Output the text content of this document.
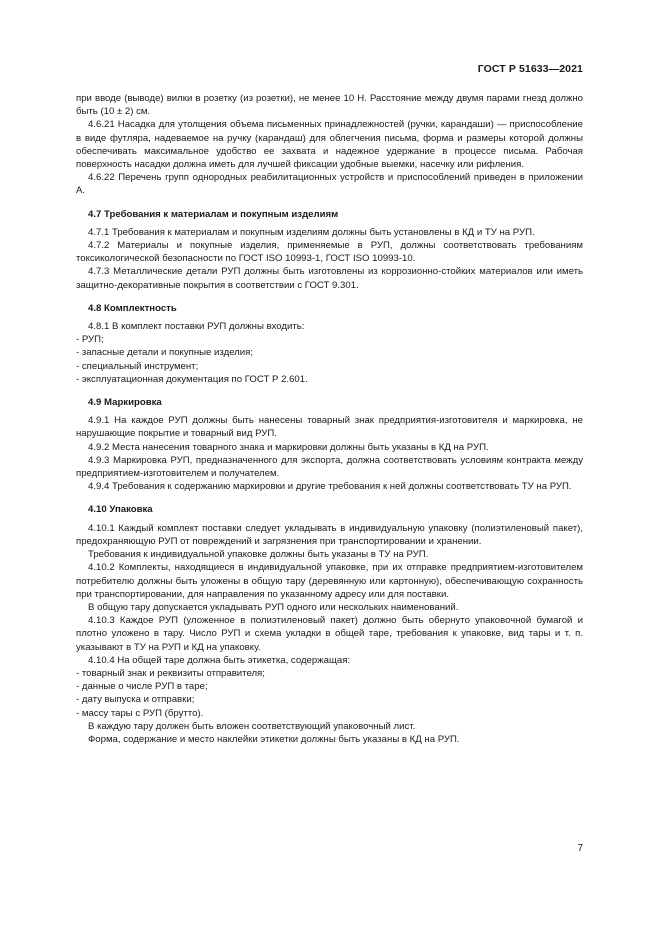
ГОСТ Р 51633—2021

при вводе (выводе) вилки в розетку (из розетки), не менее 10 Н. Расстояние между двумя парами гнезд должно быть (10 ± 2) см.

4.6.21 Насадка для утолщения объема письменных принадлежностей (ручки, карандаши) — приспособление в виде футляра, надеваемое на ручку (карандаш) для облегчения письма, форма и размеры которой должны обеспечивать максимальное удобство ее захвата и надежное удержание в процессе письма. Рабочая поверхность насадки должна иметь для лучшей фиксации удобные выемки, насечку или рифления.

4.6.22 Перечень групп однородных реабилитационных устройств и приспособлений приведен в приложении А.

4.7 Требования к материалам и покупным изделиям

4.7.1 Требования к материалам и покупным изделиям должны быть установлены в КД и ТУ на РУП.

4.7.2 Материалы и покупные изделия, применяемые в РУП, должны соответствовать требованиям токсикологической безопасности по ГОСТ ISO 10993-1, ГОСТ ISO 10993-10.

4.7.3 Металлические детали РУП должны быть изготовлены из коррозионно-стойких материалов или иметь защитно-декоративные покрытия в соответствии с ГОСТ 9.301.

4.8 Комплектность

4.8.1 В комплект поставки РУП должны входить:

- РУП;

- запасные детали и покупные изделия;

- специальный инструмент;

- эксплуатационная документация по ГОСТ Р 2.601.

4.9 Маркировка

4.9.1 На каждое РУП должны быть нанесены товарный знак предприятия-изготовителя и маркировка, не нарушающие покрытие и товарный вид РУП.

4.9.2 Места нанесения товарного знака и маркировки должны быть указаны в КД на РУП.

4.9.3 Маркировка РУП, предназначенного для экспорта, должна соответствовать условиям контракта между предприятием-изготовителем и получателем.

4.9.4 Требования к содержанию маркировки и другие требования к ней должны соответствовать ТУ на РУП.

4.10 Упаковка

4.10.1 Каждый комплект поставки следует укладывать в индивидуальную упаковку (полиэтиленовый пакет), предохраняющую РУП от повреждений и загрязнения при транспортировании и хранении.

Требования к индивидуальной упаковке должны быть указаны в ТУ на РУП.

4.10.2 Комплекты, находящиеся в индивидуальной упаковке, при их отправке предприятием-изготовителем потребителю должны быть уложены в общую тару (деревянную или картонную), обеспечивающую сохранность при транспортировании, для направления по указанному адресу или для поставки.

В общую тару допускается укладывать РУП одного или нескольких наименований.

4.10.3 Каждое РУП (уложенное в полиэтиленовый пакет) должно быть обернуто упаковочной бумагой и плотно уложено в тару. Число РУП и схема укладки в общей таре, требования к упаковке, вид тары и т. п. указывают в ТУ на РУП и КД на упаковку.

4.10.4 На общей таре должна быть этикетка, содержащая:

- товарный знак и реквизиты отправителя;

- данные о числе РУП в таре;

- дату выпуска и отправки;

- массу тары с РУП (брутто).

В каждую тару должен быть вложен соответствующий упаковочный лист.

Форма, содержание и место наклейки этикетки должны быть указаны в КД на РУП.

7
